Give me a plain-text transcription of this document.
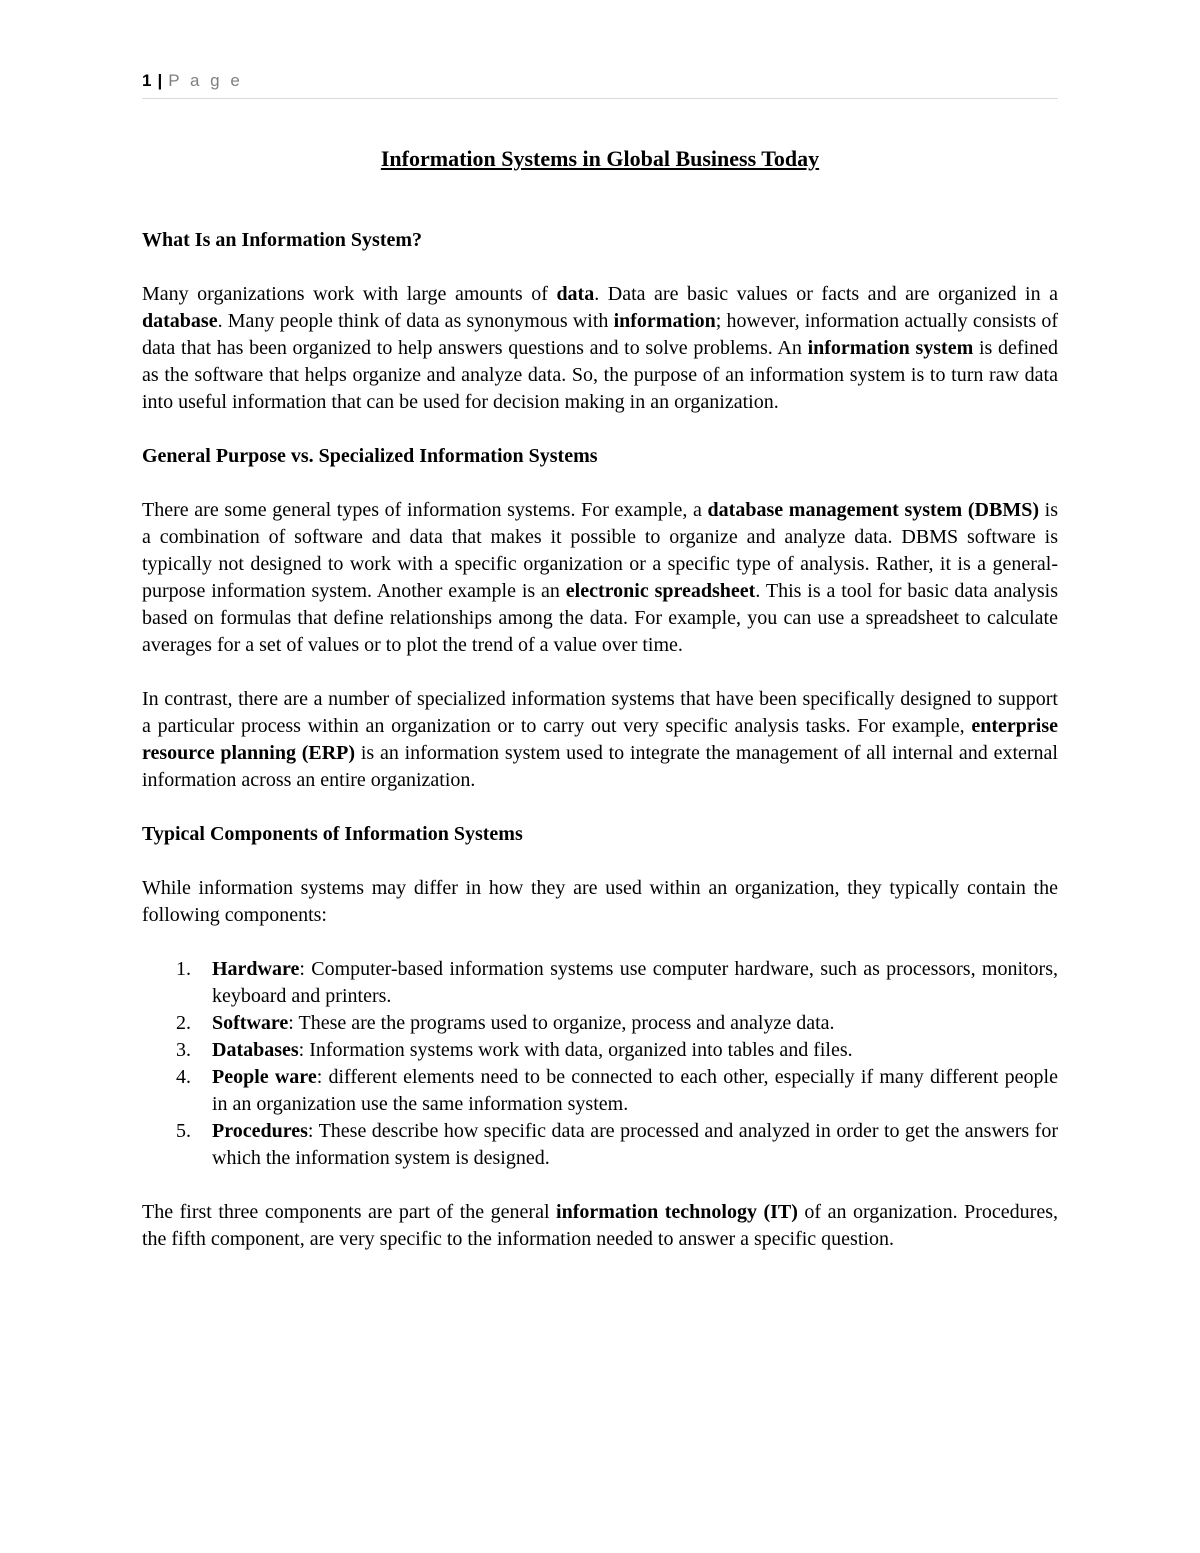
1 | P a g e
Information Systems in Global Business Today
What Is an Information System?

Many organizations work with large amounts of data. Data are basic values or facts and are organized in a database. Many people think of data as synonymous with information; however, information actually consists of data that has been organized to help answers questions and to solve problems. An information system is defined as the software that helps organize and analyze data. So, the purpose of an information system is to turn raw data into useful information that can be used for decision making in an organization.

General Purpose vs. Specialized Information Systems

There are some general types of information systems. For example, a database management system (DBMS) is a combination of software and data that makes it possible to organize and analyze data. DBMS software is typically not designed to work with a specific organization or a specific type of analysis. Rather, it is a general-purpose information system. Another example is an electronic spreadsheet. This is a tool for basic data analysis based on formulas that define relationships among the data. For example, you can use a spreadsheet to calculate averages for a set of values or to plot the trend of a value over time.

In contrast, there are a number of specialized information systems that have been specifically designed to support a particular process within an organization or to carry out very specific analysis tasks. For example, enterprise resource planning (ERP) is an information system used to integrate the management of all internal and external information across an entire organization.

Typical Components of Information Systems

While information systems may differ in how they are used within an organization, they typically contain the following components:

1.	Hardware: Computer-based information systems use computer hardware, such as processors, monitors, keyboard and printers.
2.	Software: These are the programs used to organize, process and analyze data.
3.	Databases: Information systems work with data, organized into tables and files.
4.	People ware: different elements need to be connected to each other, especially if many different people in an organization use the same information system.
5.	Procedures: These describe how specific data are processed and analyzed in order to get the answers for which the information system is designed.

The first three components are part of the general information technology (IT) of an organization. Procedures, the fifth component, are very specific to the information needed to answer a specific question.
